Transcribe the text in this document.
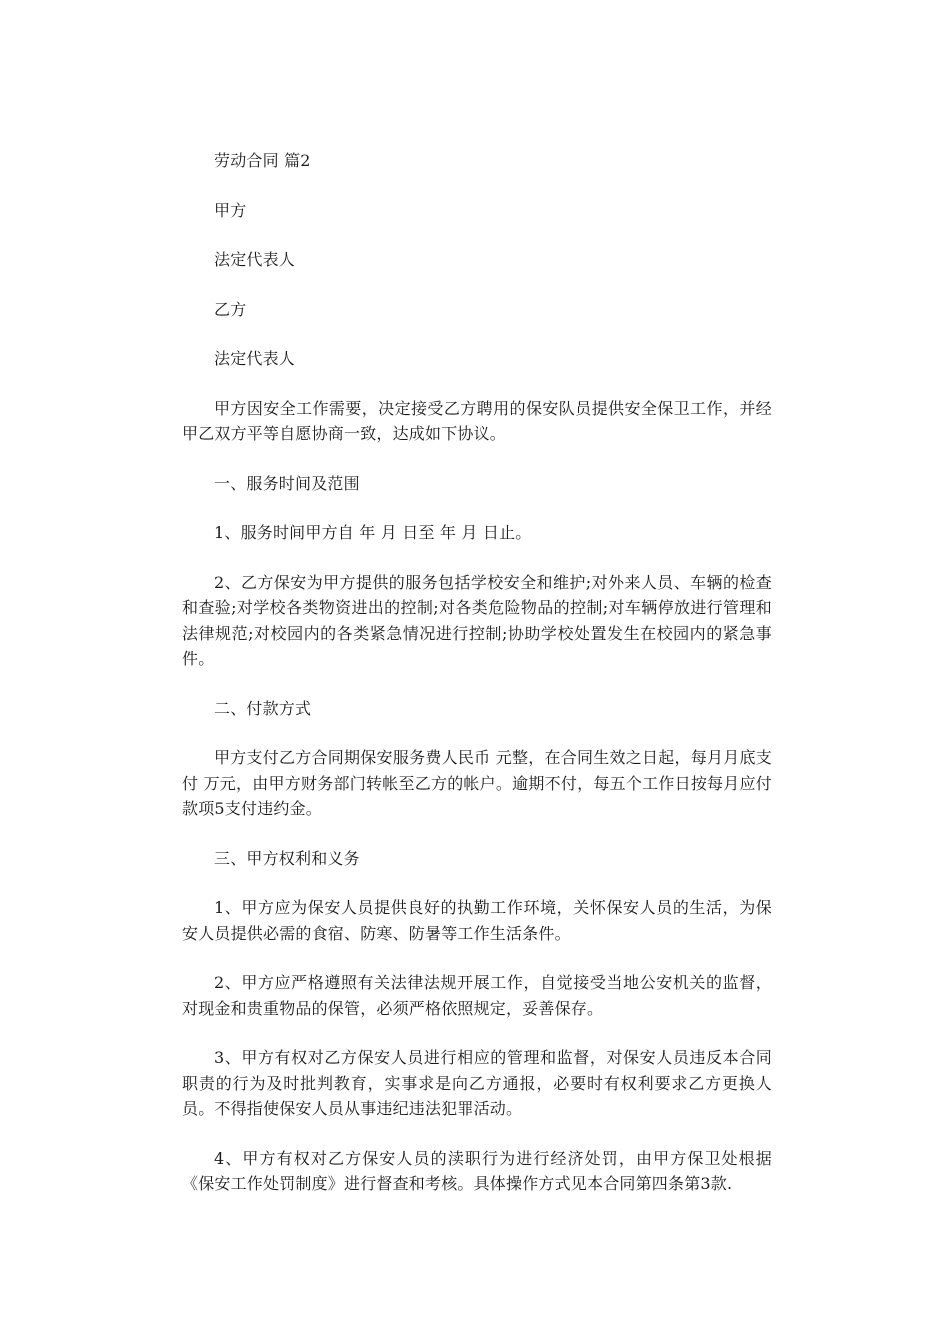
劳动合同 篇2

甲方

法定代表人

乙方

法定代表人

甲方因安全工作需要，决定接受乙方聘用的保安队员提供安全保卫工作，并经甲乙双方平等自愿协商一致，达成如下协议。

一、服务时间及范围

1、服务时间甲方自 年 月 日至 年 月 日止。

2、乙方保安为甲方提供的服务包括学校安全和维护;对外来人员、车辆的检查和查验;对学校各类物资进出的控制;对各类危险物品的控制;对车辆停放进行管理和法律规范;对校园内的各类紧急情况进行控制;协助学校处置发生在校园内的紧急事件。

二、付款方式

甲方支付乙方合同期保安服务费人民币 元整，在合同生效之日起，每月月底支付 万元，由甲方财务部门转帐至乙方的帐户。逾期不付，每五个工作日按每月应付款项5支付违约金。

三、甲方权利和义务

1、甲方应为保安人员提供良好的执勤工作环境，关怀保安人员的生活，为保安人员提供必需的食宿、防寒、防暑等工作生活条件。

2、甲方应严格遵照有关法律法规开展工作，自觉接受当地公安机关的监督，对现金和贵重物品的保管，必须严格依照规定，妥善保存。

3、甲方有权对乙方保安人员进行相应的管理和监督，对保安人员违反本合同职责的行为及时批判教育，实事求是向乙方通报，必要时有权利要求乙方更换人员。不得指使保安人员从事违纪违法犯罪活动。

4、甲方有权对乙方保安人员的渎职行为进行经济处罚，由甲方保卫处根据《保安工作处罚制度》进行督查和考核。具体操作方式见本合同第四条第3款.
